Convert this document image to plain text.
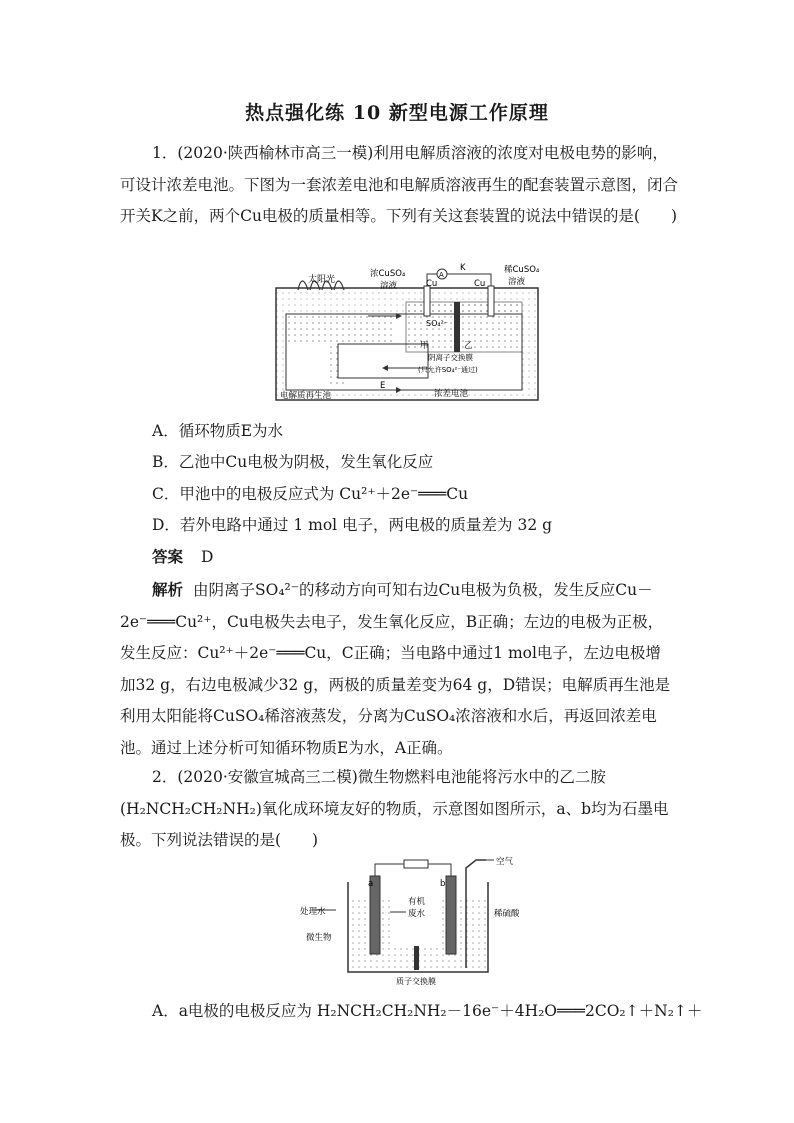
热点强化练 10 新型电源工作原理
1．(2020·陕西榆林市高三一模)利用电解质溶液的浓度对电极电势的影响，可设计浓差电池。下图为一套浓差电池和电解质溶液再生的配套装置示意图，闭合开关K之前，两个Cu电极的质量相等。下列有关这套装置的说法中错误的是(　　)
太阳光
浓CuSO₄
溶液
稀CuSO₄
溶液
Cu	Cu
A
K
SO₄²⁻
甲	乙
阴离子交换膜
(只允许SO₄²⁻通过)
电解质再生池
E
浓差电池
A．循环物质E为水
B．乙池中Cu电极为阴极，发生氧化反应
C．甲池中的电极反应式为 Cu²⁺＋2e⁻═══Cu
D．若外电路中通过 1 mol 电子，两电极的质量差为 32 g
答案 D
解析 由阴离子SO₄²⁻的移动方向可知右边Cu电极为负极，发生反应Cu－2e⁻═══Cu²⁺，Cu电极失去电子，发生氧化反应，B正确；左边的电极为正极，发生反应：Cu²⁺＋2e⁻═══Cu，C正确；当电路中通过1 mol电子，左边电极增加32 g，右边电极减少32 g，两极的质量差变为64 g，D错误；电解质再生池是利用太阳能将CuSO₄稀溶液蒸发，分离为CuSO₄浓溶液和水后，再返回浓差电池。通过上述分析可知循环物质E为水，A正确。
2．(2020·安徽宣城高三二模)微生物燃料电池能将污水中的乙二胺(H₂NCH₂CH₂NH₂)氧化成环境友好的物质，示意图如图所示，a、b均为石墨电极。下列说法错误的是(　　)
空气
a	b
处理水
有机
废水
微生物
稀硫酸
质子交换膜
A．a电极的电极反应为 H₂NCH₂CH₂NH₂－16e⁻＋4H₂O═══2CO₂↑＋N₂↑＋
